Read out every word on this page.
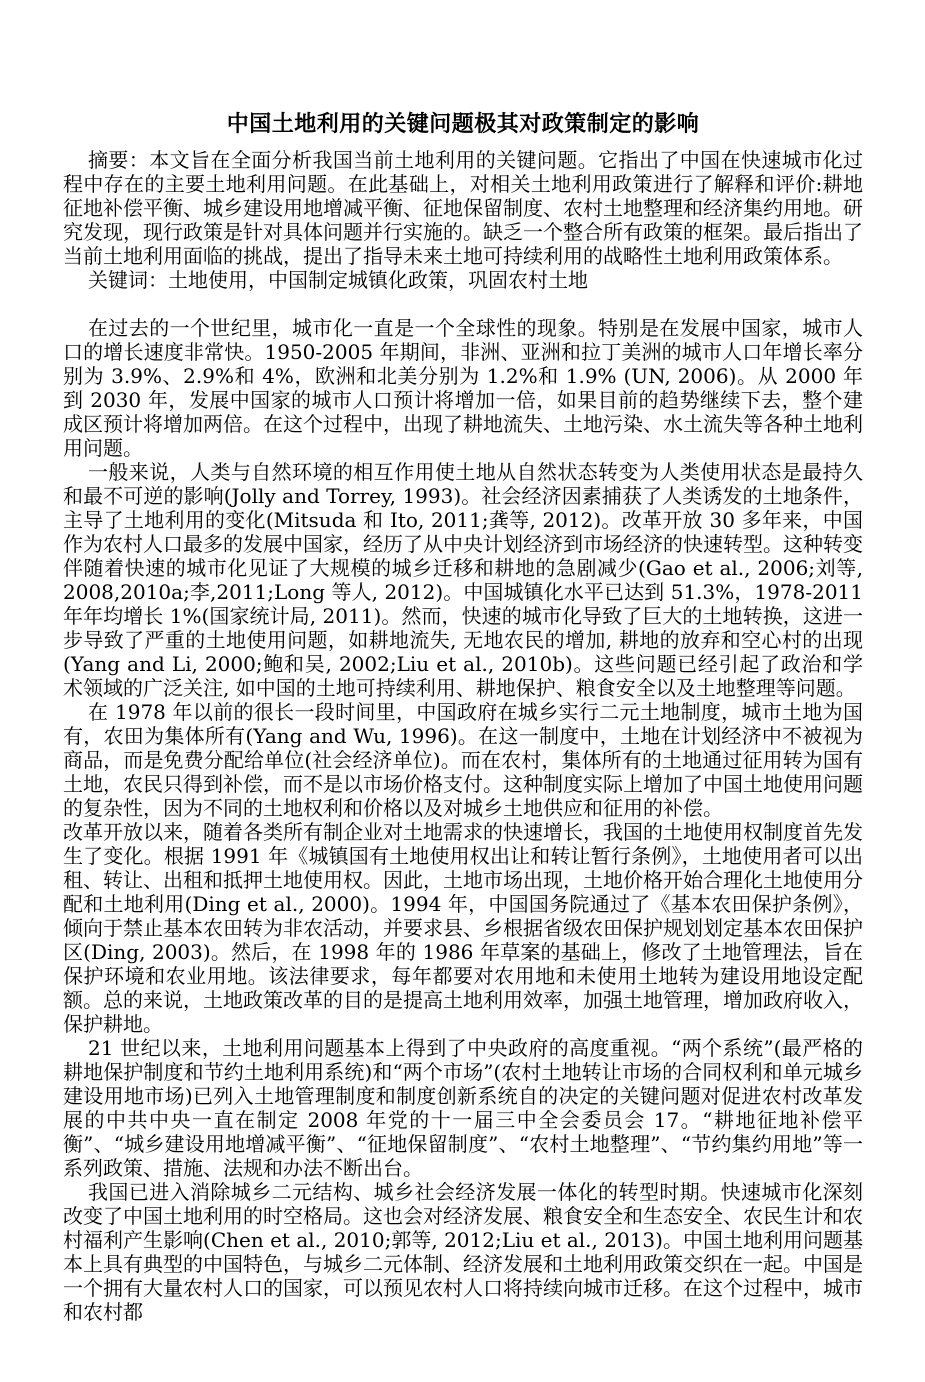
中国土地利用的关键问题极其对政策制定的影响

摘要：本文旨在全面分析我国当前土地利用的关键问题。它指出了中国在快速城市化过程中存在的主要土地利用问题。在此基础上，对相关土地利用政策进行了解释和评价:耕地征地补偿平衡、城乡建设用地增减平衡、征地保留制度、农村土地整理和经济集约用地。研究发现，现行政策是针对具体问题并行实施的。缺乏一个整合所有政策的框架。最后指出了当前土地利用面临的挑战，提出了指导未来土地可持续利用的战略性土地利用政策体系。

关键词：土地使用，中国制定城镇化政策，巩固农村土地

在过去的一个世纪里，城市化一直是一个全球性的现象。特别是在发展中国家，城市人口的增长速度非常快。1950-2005 年期间，非洲、亚洲和拉丁美洲的城市人口年增长率分别为 3.9%、2.9%和 4%，欧洲和北美分别为 1.2%和 1.9% (UN, 2006)。从 2000 年到 2030 年，发展中国家的城市人口预计将增加一倍，如果目前的趋势继续下去，整个建成区预计将增加两倍。在这个过程中，出现了耕地流失、土地污染、水土流失等各种土地利用问题。

一般来说，人类与自然环境的相互作用使土地从自然状态转变为人类使用状态是最持久和最不可逆的影响(Jolly and Torrey, 1993)。社会经济因素捕获了人类诱发的土地条件，主导了土地利用的变化(Mitsuda 和 Ito, 2011;龚等, 2012)。改革开放 30 多年来，中国作为农村人口最多的发展中国家，经历了从中央计划经济到市场经济的快速转型。这种转变伴随着快速的城市化见证了大规模的城乡迁移和耕地的急剧减少(Gao et al., 2006;刘等, 2008,2010a;李,2011;Long 等人, 2012)。中国城镇化水平已达到 51.3%，1978-2011 年年均增长 1%(国家统计局, 2011)。然而，快速的城市化导致了巨大的土地转换，这进一步导致了严重的土地使用问题，如耕地流失, 无地农民的增加, 耕地的放弃和空心村的出现(Yang and Li, 2000;鲍和吴, 2002;Liu et al., 2010b)。这些问题已经引起了政治和学术领域的广泛关注, 如中国的土地可持续利用、耕地保护、粮食安全以及土地整理等问题。

在 1978 年以前的很长一段时间里，中国政府在城乡实行二元土地制度，城市土地为国有，农田为集体所有(Yang and Wu, 1996)。在这一制度中，土地在计划经济中不被视为商品，而是免费分配给单位(社会经济单位)。而在农村，集体所有的土地通过征用转为国有土地，农民只得到补偿，而不是以市场价格支付。这种制度实际上增加了中国土地使用问题的复杂性，因为不同的土地权利和价格以及对城乡土地供应和征用的补偿。

改革开放以来，随着各类所有制企业对土地需求的快速增长，我国的土地使用权制度首先发生了变化。根据 1991 年《城镇国有土地使用权出让和转让暂行条例》，土地使用者可以出租、转让、出租和抵押土地使用权。因此，土地市场出现，土地价格开始合理化土地使用分配和土地利用(Ding et al., 2000)。1994 年，中国国务院通过了《基本农田保护条例》，倾向于禁止基本农田转为非农活动，并要求县、乡根据省级农田保护规划划定基本农田保护区(Ding, 2003)。然后，在 1998 年的 1986 年草案的基础上，修改了土地管理法，旨在保护环境和农业用地。该法律要求，每年都要对农用地和未使用土地转为建设用地设定配额。总的来说，土地政策改革的目的是提高土地利用效率，加强土地管理，增加政府收入，保护耕地。

21 世纪以来，土地利用问题基本上得到了中央政府的高度重视。“两个系统”(最严格的耕地保护制度和节约土地利用系统)和“两个市场”(农村土地转让市场的合同权利和单元城乡建设用地市场)已列入土地管理制度和制度创新系统自的决定的关键问题对促进农村改革发展的中共中央一直在制定 2008 年党的十一届三中全会委员会 17。“耕地征地补偿平衡”、“城乡建设用地增减平衡”、“征地保留制度”、“农村土地整理”、“节约集约用地”等一系列政策、措施、法规和办法不断出台。

我国已进入消除城乡二元结构、城乡社会经济发展一体化的转型时期。快速城市化深刻改变了中国土地利用的时空格局。这也会对经济发展、粮食安全和生态安全、农民生计和农村福利产生影响(Chen et al., 2010;郭等, 2012;Liu et al., 2013)。中国土地利用问题基本上具有典型的中国特色，与城乡二元体制、经济发展和土地利用政策交织在一起。中国是一个拥有大量农村人口的国家，可以预见农村人口将持续向城市迁移。在这个过程中，城市和农村都
